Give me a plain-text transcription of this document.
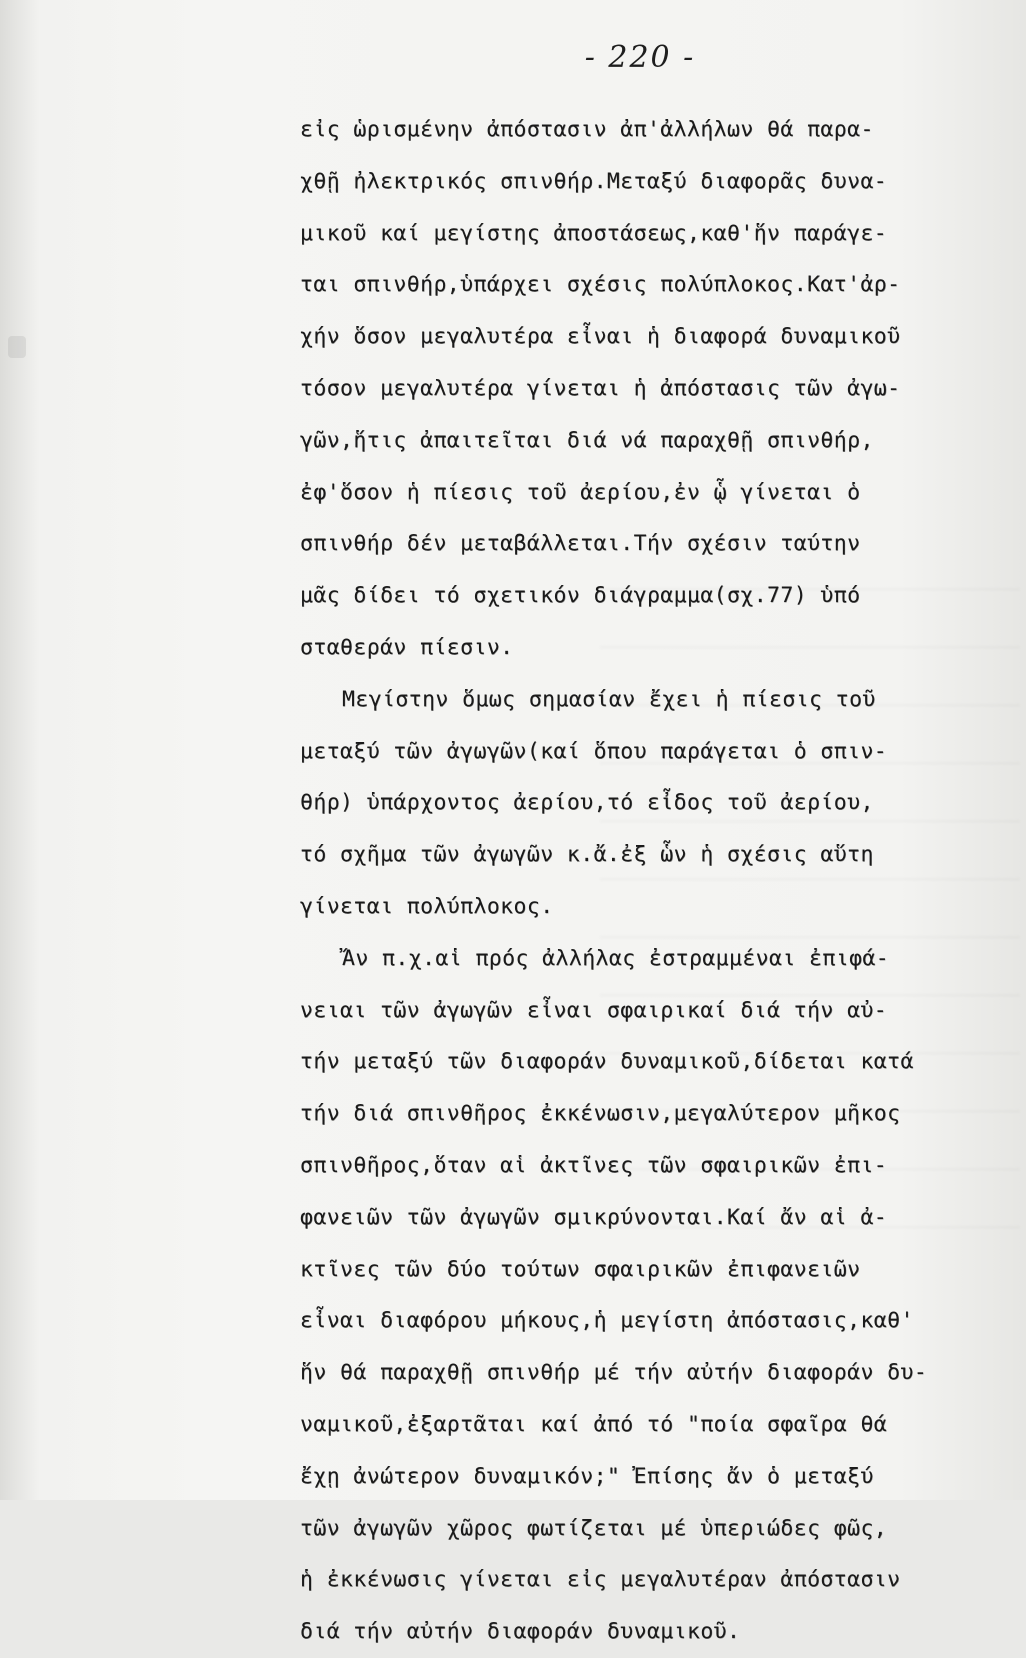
- 220 -
εἰς ὡρισμένην ἀπόστασιν ἀπ'ἀλλήλων θά παρα-
χθῇ ἠλεκτρικός σπινθήρ.Μεταξύ διαφορᾶς δυνα-
μικοῦ καί μεγίστης ἀποστάσεως,καθ'ἥν παράγε-
ται σπινθήρ,ὑπάρχει σχέσις πολύπλοκος.Κατ'ἀρ-
χήν ὅσον μεγαλυτέρα εἶναι ἡ διαφορά δυναμικοῦ
τόσον μεγαλυτέρα γίνεται ἡ ἀπόστασις τῶν ἀγω-
γῶν,ἥτις ἀπαιτεῖται διά νά παραχθῇ σπινθήρ,
ἐφ'ὅσον ἡ πίεσις τοῦ ἀερίου,ἐν ᾧ γίνεται ὁ
σπινθήρ δέν μεταβάλλεται.Τήν σχέσιν ταύτην
μᾶς δίδει τό σχετικόν διάγραμμα(σχ.77) ὑπό
σταθεράν πίεσιν.
Μεγίστην ὅμως σημασίαν ἔχει ἡ πίεσις τοῦ
μεταξύ τῶν ἀγωγῶν(καί ὅπου παράγεται ὁ σπιν-
θήρ) ὑπάρχοντος ἀερίου,τό εἶδος τοῦ ἀερίου,
τό σχῆμα τῶν ἀγωγῶν κ.ἄ.ἐξ ὧν ἡ σχέσις αὕτη
γίνεται πολύπλοκος.
Ἄν π.χ.αἱ πρός ἀλλήλας ἐστραμμέναι ἐπιφά-
νειαι τῶν ἀγωγῶν εἶναι σφαιρικαί διά τήν αὐ-
τήν μεταξύ τῶν διαφοράν δυναμικοῦ,δίδεται κατά
τήν διά σπινθῆρος ἐκκένωσιν,μεγαλύτερον μῆκος
σπινθῆρος,ὅταν αἱ ἀκτῖνες τῶν σφαιρικῶν ἐπι-
φανειῶν τῶν ἀγωγῶν σμικρύνονται.Καί ἄν αἱ ἀ-
κτῖνες τῶν δύο τούτων σφαιρικῶν ἐπιφανειῶν
εἶναι διαφόρου μήκους,ἡ μεγίστη ἀπόστασις,καθ'
ἥν θά παραχθῇ σπινθήρ μέ τήν αὐτήν διαφοράν δυ-
ναμικοῦ,ἐξαρτᾶται καί ἀπό τό "ποία σφαῖρα θά
ἔχῃ ἀνώτερον δυναμικόν;" Ἐπίσης ἄν ὁ μεταξύ
τῶν ἀγωγῶν χῶρος φωτίζεται μέ ὑπεριώδες φῶς,
ἡ ἐκκένωσις γίνεται εἰς μεγαλυτέραν ἀπόστασιν
διά τήν αὐτήν διαφοράν δυναμικοῦ.
